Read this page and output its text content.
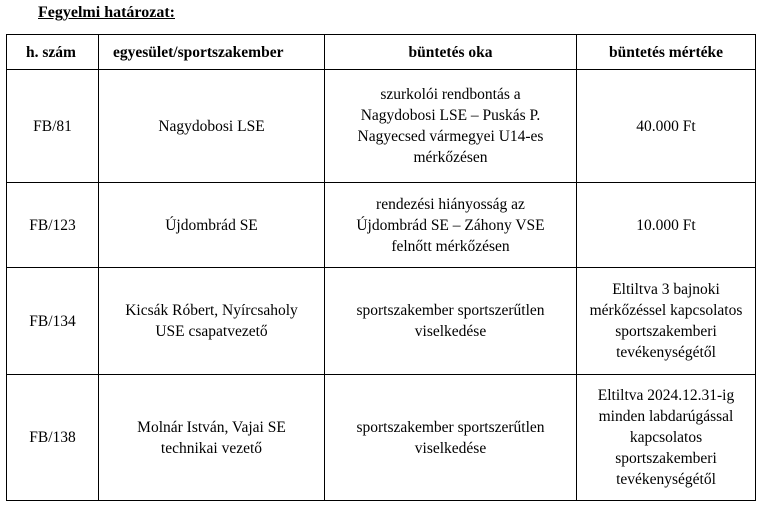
Fegyelmi határozat:
h. szám	egyesület/sportszakember	büntetés oka	büntetés mértéke

FB/81	Nagydobosi LSE	szurkolói rendbontás a
Nagydobosi LSE – Puskás P.
Nagyecsed vármegyei U14-es
mérkőzésen	40.000 Ft

FB/123	Újdombrád SE	rendezési hiányosság az
Újdombrád SE – Záhony VSE
felnőtt mérkőzésen	10.000 Ft

FB/134	Kicsák Róbert, Nyírcsaholy
USE csapatvezető	sportszakember sportszerűtlen
viselkedése	Eltiltva 3 bajnoki
mérkőzéssel kapcsolatos
sportszakemberi
tevékenységétől

FB/138	Molnár István, Vajai SE
technikai vezető	sportszakember sportszerűtlen
viselkedése	Eltiltva 2024.12.31-ig
minden labdarúgással
kapcsolatos
sportszakemberi
tevékenységétől
